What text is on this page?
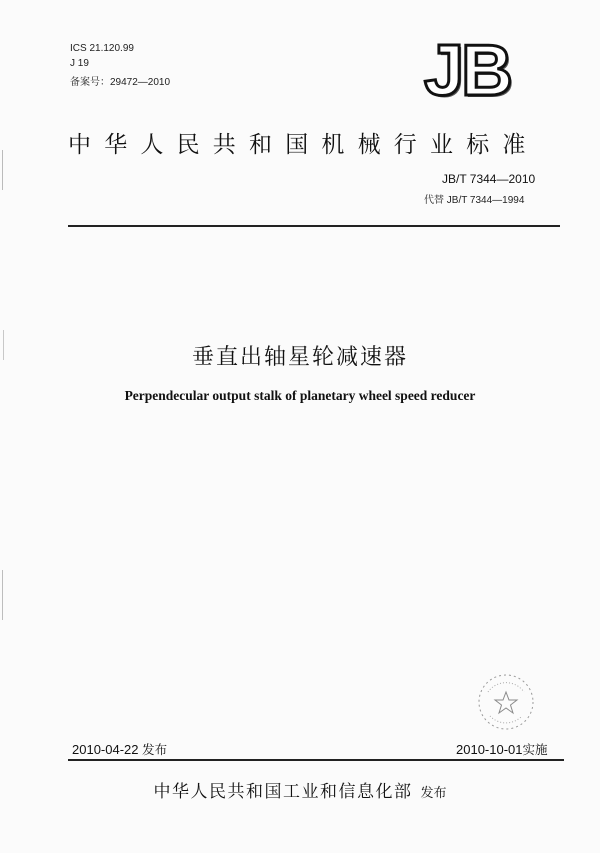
ICS 21.120.99
J 19
备案号：29472—2010	JB
中华人民共和国机械行业标准
JB/T 7344—2010
代替 JB/T 7344—1994
垂直出轴星轮减速器
Perpendecular output stalk of planetary wheel speed reducer
2010-04-22 发布	2010-10-01实施
中华人民共和国工业和信息化部 发布
